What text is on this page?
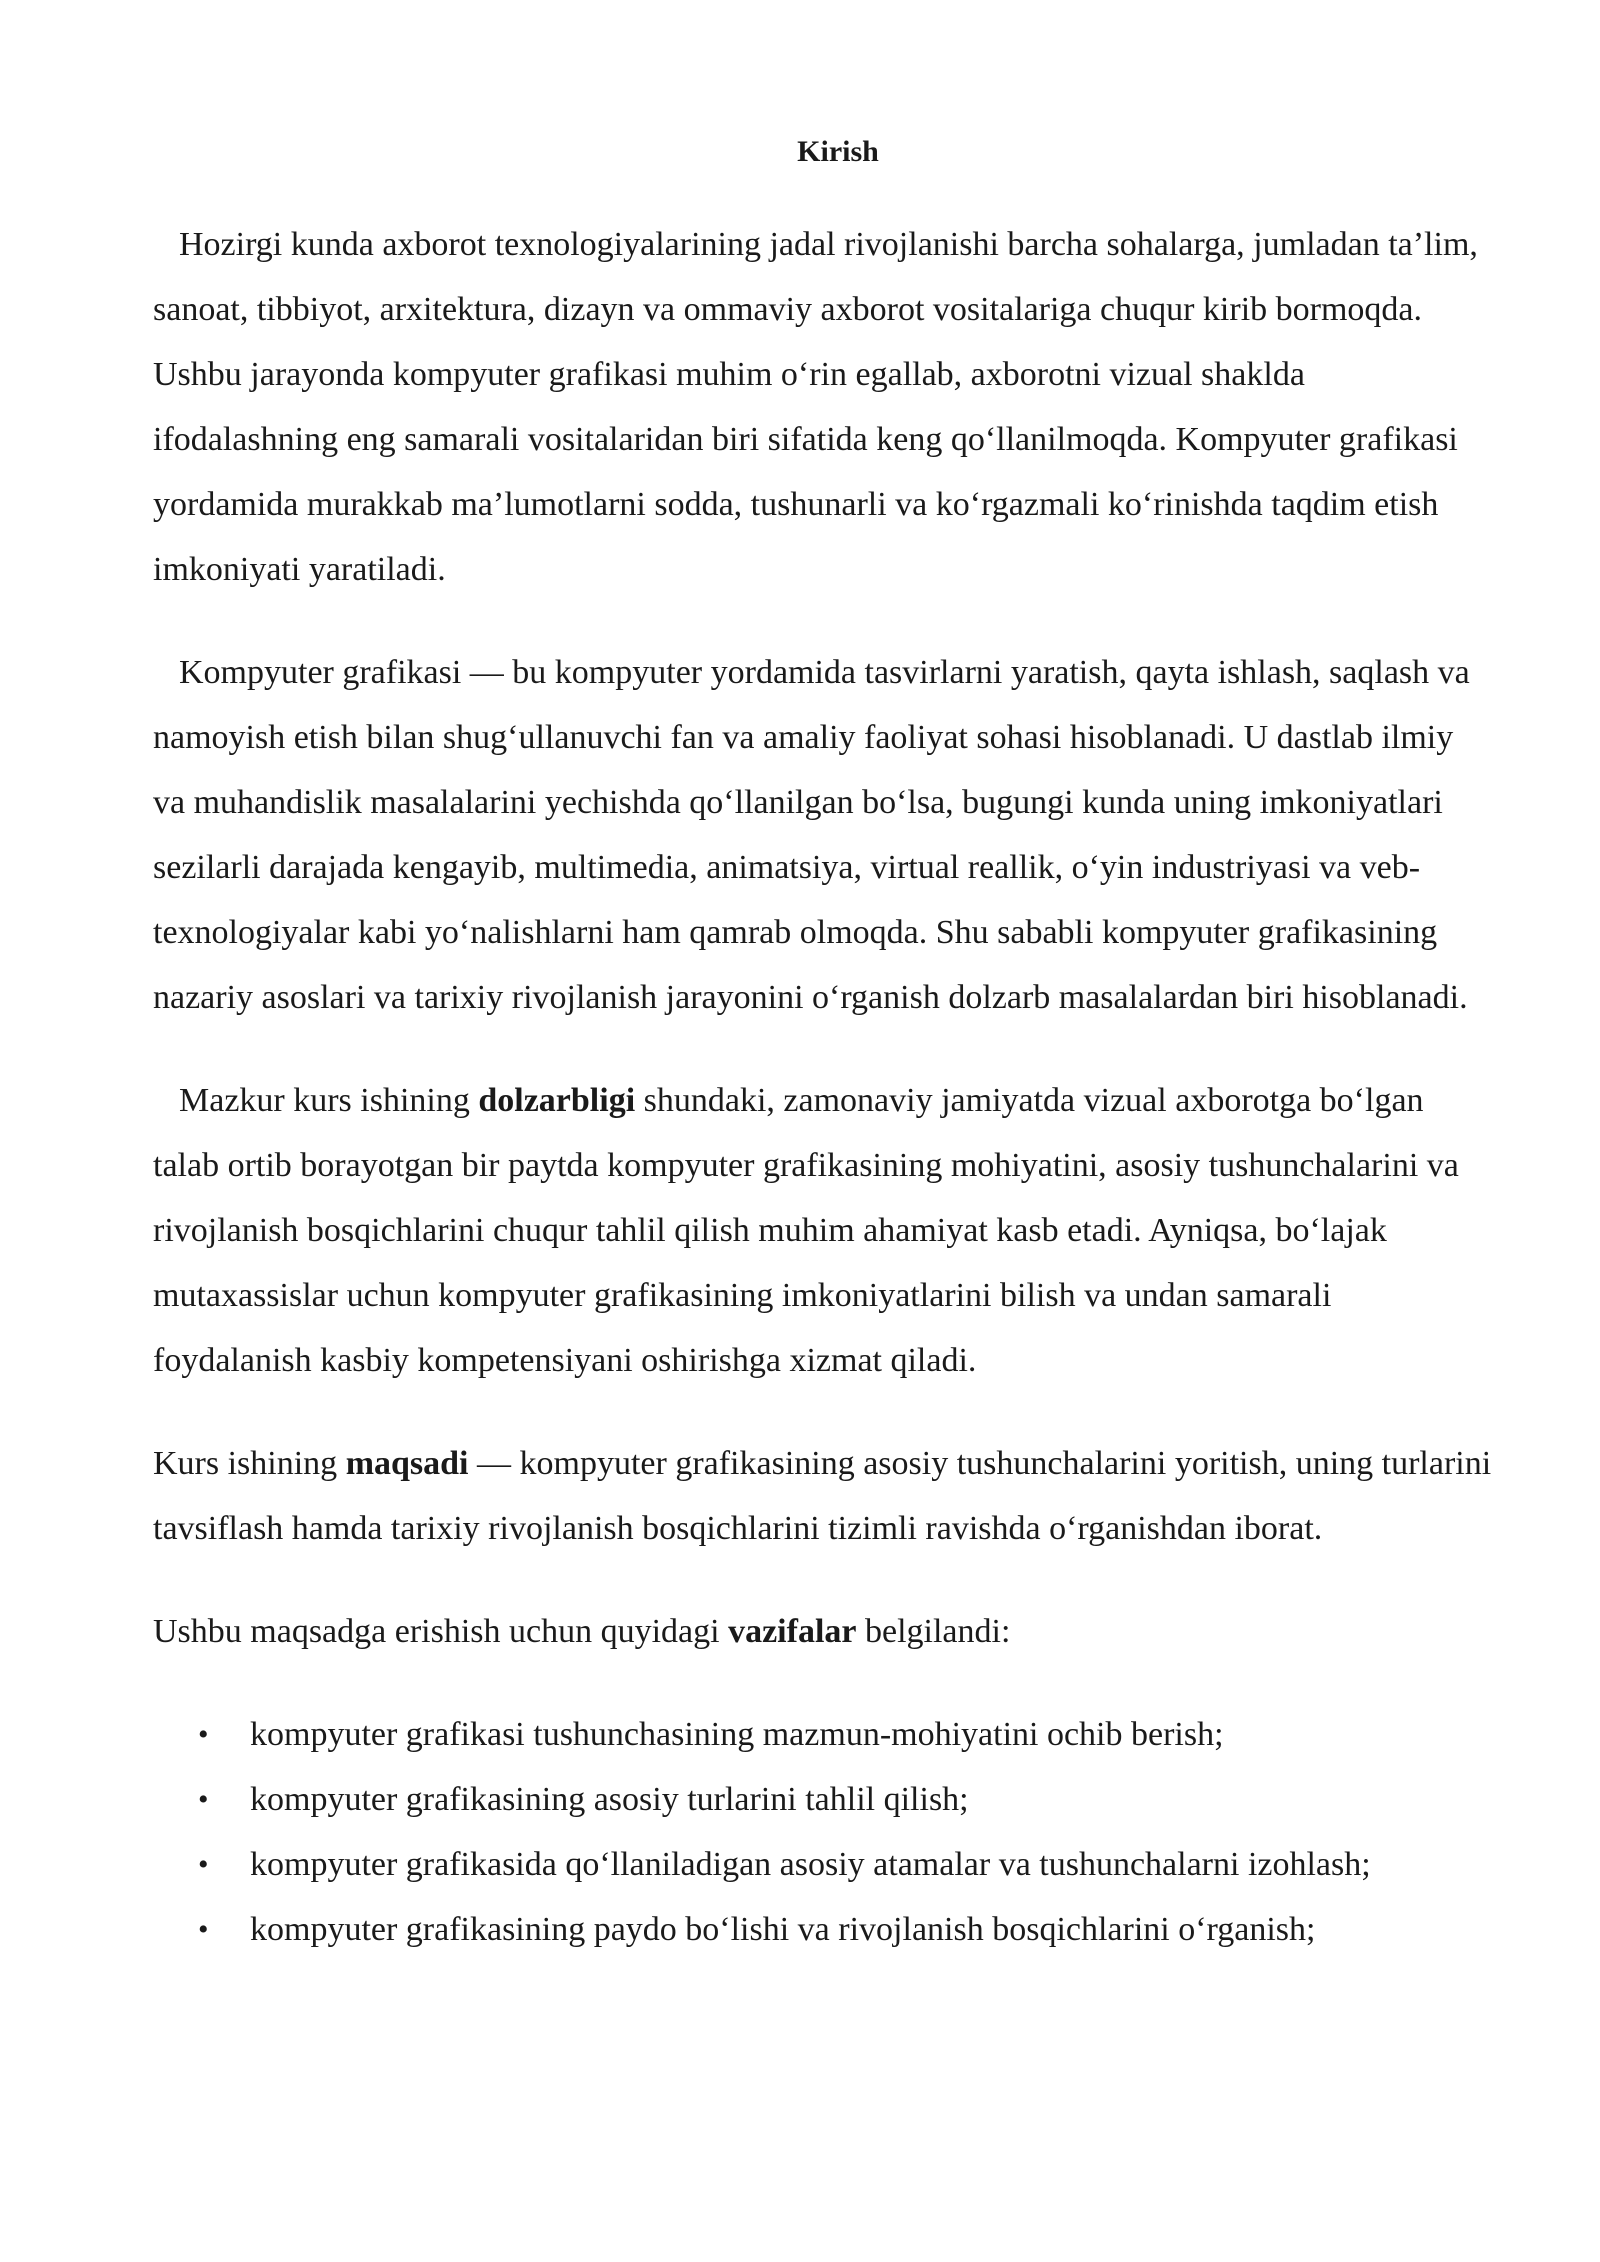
Kirish

Hozirgi kunda axborot texnologiyalarining jadal rivojlanishi barcha sohalarga, jumladan ta’lim, sanoat, tibbiyot, arxitektura, dizayn va ommaviy axborot vositalariga chuqur kirib bormoqda. Ushbu jarayonda kompyuter grafikasi muhim o‘rin egallab, axborotni vizual shaklda ifodalashning eng samarali vositalaridan biri sifatida keng qo‘llanilmoqda. Kompyuter grafikasi yordamida murakkab ma’lumotlarni sodda, tushunarli va ko‘rgazmali ko‘rinishda taqdim etish imkoniyati yaratiladi.

Kompyuter grafikasi — bu kompyuter yordamida tasvirlarni yaratish, qayta ishlash, saqlash va namoyish etish bilan shug‘ullanuvchi fan va amaliy faoliyat sohasi hisoblanadi. U dastlab ilmiy va muhandislik masalalarini yechishda qo‘llanilgan bo‘lsa, bugungi kunda uning imkoniyatlari sezilarli darajada kengayib, multimedia, animatsiya, virtual reallik, o‘yin industriyasi va veb-texnologiyalar kabi yo‘nalishlarni ham qamrab olmoqda. Shu sababli kompyuter grafikasining nazariy asoslari va tarixiy rivojlanish jarayonini o‘rganish dolzarb masalalardan biri hisoblanadi.

Mazkur kurs ishining dolzarbligi shundaki, zamonaviy jamiyatda vizual axborotga bo‘lgan talab ortib borayotgan bir paytda kompyuter grafikasining mohiyatini, asosiy tushunchalarini va rivojlanish bosqichlarini chuqur tahlil qilish muhim ahamiyat kasb etadi. Ayniqsa, bo‘lajak mutaxassislar uchun kompyuter grafikasining imkoniyatlarini bilish va undan samarali foydalanish kasbiy kompetensiyani oshirishga xizmat qiladi.

Kurs ishining maqsadi — kompyuter grafikasining asosiy tushunchalarini yoritish, uning turlarini tavsiflash hamda tarixiy rivojlanish bosqichlarini tizimli ravishda o‘rganishdan iborat.

Ushbu maqsadga erishish uchun quyidagi vazifalar belgilandi:

• kompyuter grafikasi tushunchasining mazmun-mohiyatini ochib berish;
• kompyuter grafikasining asosiy turlarini tahlil qilish;
• kompyuter grafikasida qo‘llaniladigan asosiy atamalar va tushunchalarni izohlash;
• kompyuter grafikasining paydo bo‘lishi va rivojlanish bosqichlarini o‘rganish;
